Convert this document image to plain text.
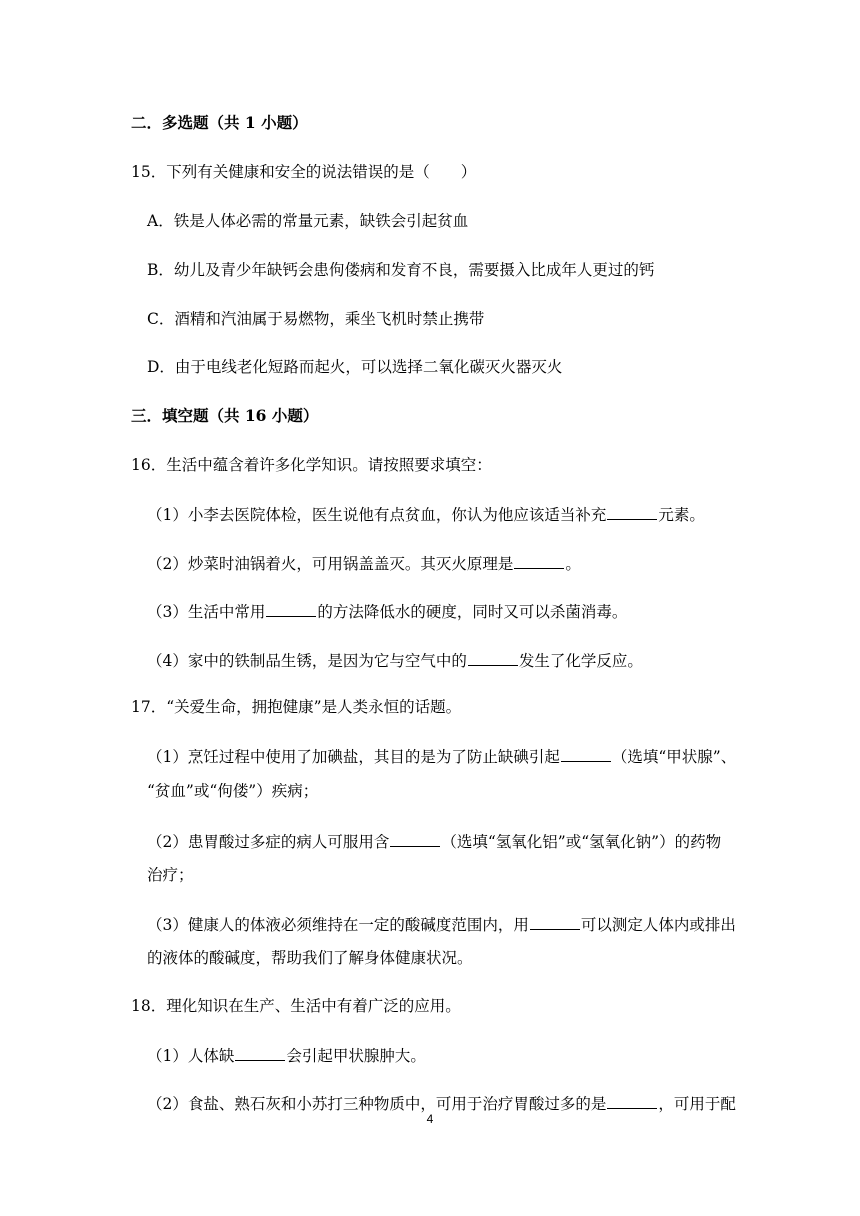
二．多选题（共 1 小题）
15．下列有关健康和安全的说法错误的是（　　）
A．铁是人体必需的常量元素，缺铁会引起贫血
B．幼儿及青少年缺钙会患佝偻病和发育不良，需要摄入比成年人更过的钙
C．酒精和汽油属于易燃物，乘坐飞机时禁止携带
D．由于电线老化短路而起火，可以选择二氧化碳灭火器灭火
三．填空题（共 16 小题）
16．生活中蕴含着许多化学知识。请按照要求填空：
（1）小李去医院体检，医生说他有点贫血，你认为他应该适当补充	元素。
（2）炒菜时油锅着火，可用锅盖盖灭。其灭火原理是	。
（3）生活中常用	的方法降低水的硬度，同时又可以杀菌消毒。
（4）家中的铁制品生锈，是因为它与空气中的	发生了化学反应。
17．“关爱生命，拥抱健康”是人类永恒的话题。
（1）烹饪过程中使用了加碘盐，其目的是为了防止缺碘引起	（选填“甲状腺”、
“贫血”或“佝偻”）疾病；
（2）患胃酸过多症的病人可服用含	（选填“氢氧化铝”或“氢氧化钠”）的药物
治疗；
（3）健康人的体液必须维持在一定的酸碱度范围内，用	可以测定人体内或排出
的液体的酸碱度，帮助我们了解身体健康状况。
18．理化知识在生产、生活中有着广泛的应用。
（1）人体缺	会引起甲状腺肿大。
（2）食盐、熟石灰和小苏打三种物质中，可用于治疗胃酸过多的是	，可用于配
4
